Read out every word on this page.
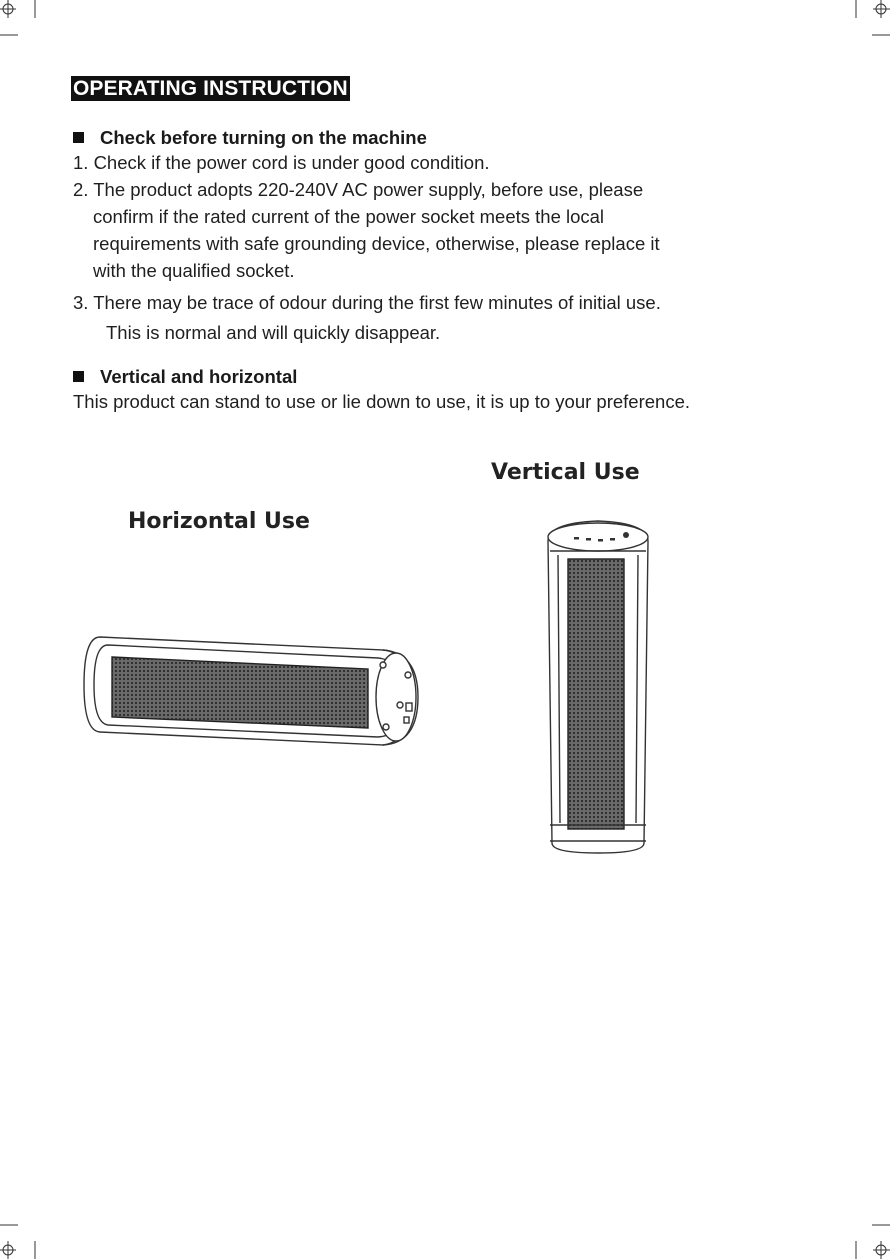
OPERATING INSTRUCTION
Check before turning on the machine
1. Check if the power cord is under good condition.
2. The product adopts 220-240V AC power supply, before use, please
confirm if the rated current of the power socket meets the local
requirements with safe grounding device, otherwise, please replace it
with the qualified socket.
3. There may be trace of odour during the first few minutes of initial use.
This is normal and will quickly disappear.
Vertical and horizontal
This product can stand to use or lie down to use, it is up to your preference.
Vertical Use
Horizontal Use
